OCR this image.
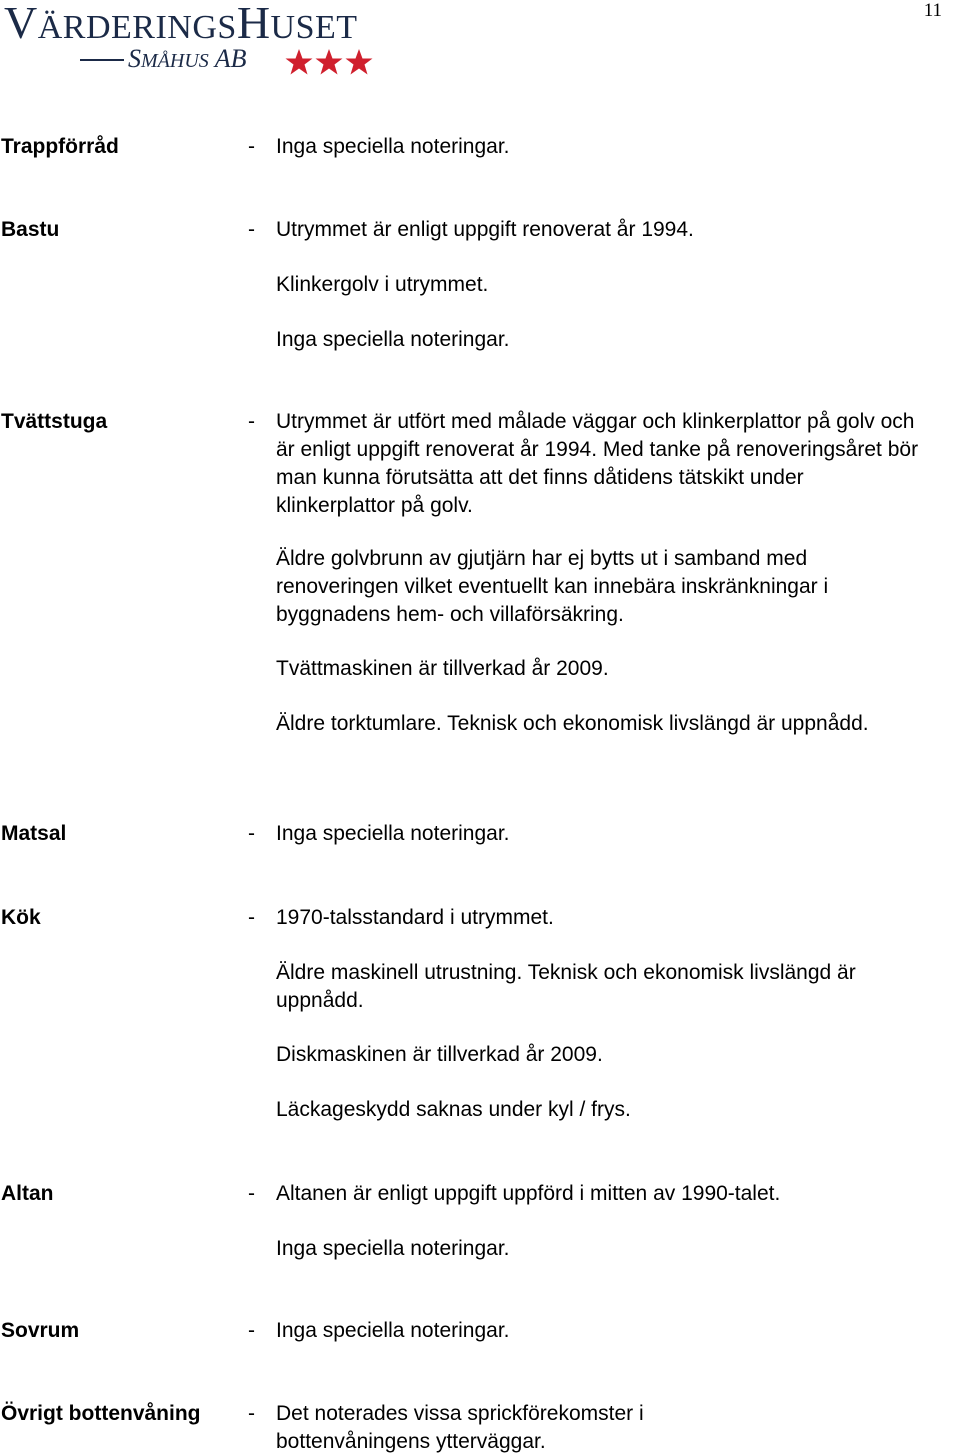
11
VÄRDERINGSHUSET
SMÅHUS AB
Trappförråd	- Inga speciella noteringar.
Bastu	- Utrymmet är enligt uppgift renoverat år 1994.
Klinkergolv i utrymmet.
Inga speciella noteringar.
Tvättstuga	- Utrymmet är utfört med målade väggar och klinkerplattor på golv och är enligt uppgift renoverat år 1994. Med tanke på renoveringsåret bör man kunna förutsätta att det finns dåtidens tätskikt under klinkerplattor på golv.
Äldre golvbrunn av gjutjärn har ej bytts ut i samband med renoveringen vilket eventuellt kan innebära inskränkningar i byggnadens hem- och villaförsäkring.
Tvättmaskinen är tillverkad år 2009.
Äldre torktumlare. Teknisk och ekonomisk livslängd är uppnådd.
Matsal	- Inga speciella noteringar.
Kök	- 1970-talsstandard i utrymmet.
Äldre maskinell utrustning. Teknisk och ekonomisk livslängd är uppnådd.
Diskmaskinen är tillverkad år 2009.
Läckageskydd saknas under kyl / frys.
Altan	- Altanen är enligt uppgift uppförd i mitten av 1990-talet.
Inga speciella noteringar.
Sovrum	- Inga speciella noteringar.
Övrigt bottenvåning - Det noterades vissa sprickförekomster i bottenvåningens ytterväggar.
